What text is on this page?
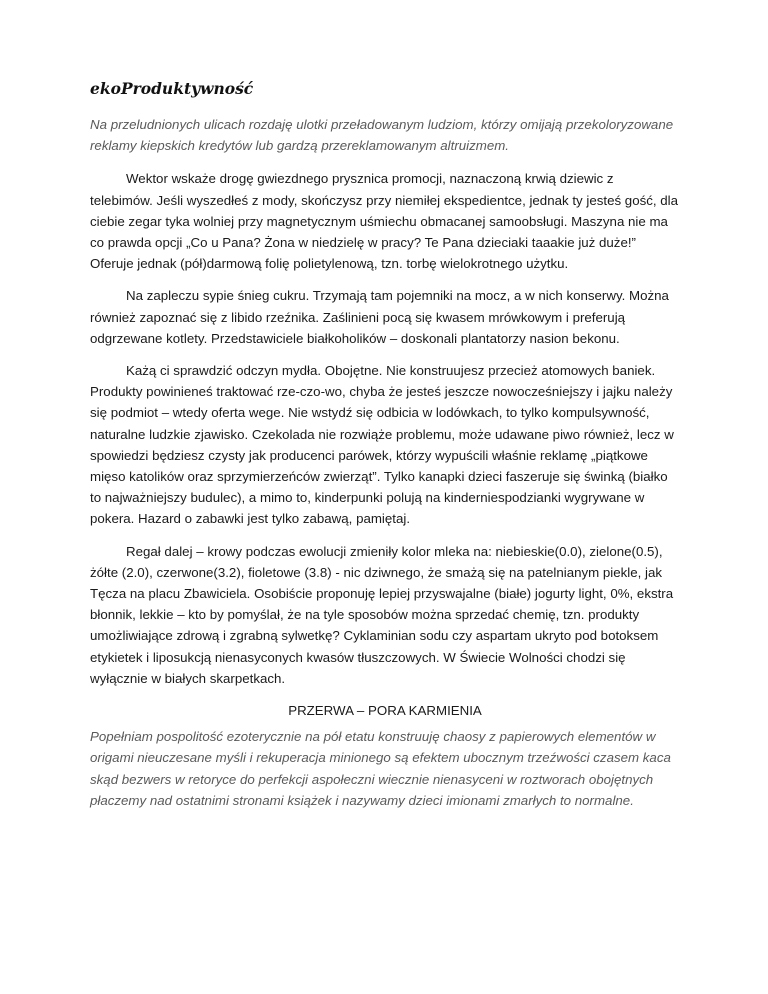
ekoProduktywność

Na przeludnionych ulicach rozdaję ulotki przeładowanym ludziom, którzy omijają przekoloryzowane reklamy kiepskich kredytów lub gardzą przereklamowanym altruizmem.

Wektor wskaże drogę gwiezdnego prysznica promocji, naznaczoną krwią dziewic z telebimów. Jeśli wyszedłeś z mody, skończysz przy niemiłej ekspedientce, jednak ty jesteś gość, dla ciebie zegar tyka wolniej przy magnetycznym uśmiechu obmacanej samoobsługi. Maszyna nie ma co prawda opcji „Co u Pana? Żona w niedzielę w pracy? Te Pana dzieciaki taaakie już duże!” Oferuje jednak (pół)darmową folię polietylenową, tzn. torbę wielokrotnego użytku.

Na zapleczu sypie śnieg cukru. Trzymają tam pojemniki na mocz, a w nich konserwy. Można również zapoznać się z libido rzeźnika. Zaślinieni pocą się kwasem mrówkowym i preferują odgrzewane kotlety. Przedstawiciele białkoholików – doskonali plantatorzy nasion bekonu.

Każą ci sprawdzić odczyn mydła. Obojętne. Nie konstruujesz przecież atomowych baniek. Produkty powinieneś traktować rze-czo-wo, chyba że jesteś jeszcze nowocześniejszy i jajku należy się podmiot – wtedy oferta wege. Nie wstydź się odbicia w lodówkach, to tylko kompulsywność, naturalne ludzkie zjawisko. Czekolada nie rozwiąże problemu, może udawane piwo również, lecz w spowiedzi będziesz czysty jak producenci parówek, którzy wypuścili właśnie reklamę „piątkowe mięso katolików oraz sprzymierzeńców zwierząt”. Tylko kanapki dzieci faszeruje się świnką (białko to najważniejszy budulec), a mimo to, kinderpunki polują na kinderniespodzianki wygrywane w pokera. Hazard o zabawki jest tylko zabawą, pamiętaj.

Regał dalej – krowy podczas ewolucji zmieniły kolor mleka na: niebieskie(0.0), zielone(0.5), żółte (2.0), czerwone(3.2), fioletowe (3.8) - nic dziwnego, że smażą się na patelnianym piekle, jak Tęcza na placu Zbawiciela. Osobiście proponuję lepiej przyswajalne (białe) jogurty light, 0%, ekstra błonnik, lekkie – kto by pomyślał, że na tyle sposobów można sprzedać chemię, tzn. produkty umożliwiające zdrową i zgrabną sylwetkę? Cyklaminian sodu czy aspartam ukryto pod botoksem etykietek i liposukcją nienasyconych kwasów tłuszczowych. W Świecie Wolności chodzi się wyłącznie w białych skarpetkach.

PRZERWA – PORA KARMIENIA

Popełniam pospolitość ezoterycznie na pół etatu konstruuję chaosy z papierowych elementów w origami nieuczesane myśli i rekuperacja minionego są efektem ubocznym trzeźwości czasem kaca skąd bezwers w retoryce do perfekcji aspołeczni wiecznie nienasyceni w roztworach obojętnych płaczemy nad ostatnimi stronami książek i nazywamy dzieci imionami zmarłych to normalne.
